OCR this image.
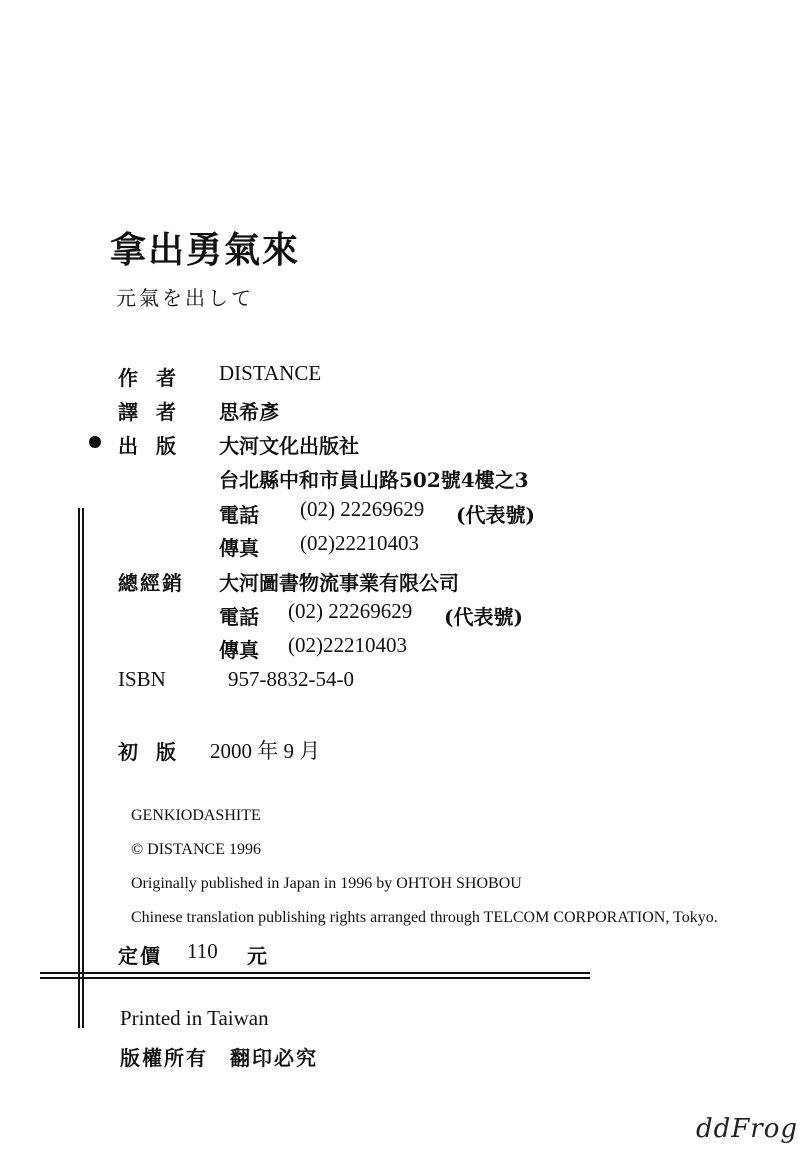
拿出勇氣來
元氣を出して
作者 DISTANCE
譯者 思希彥
出版 大河文化出版社
台北縣中和市員山路502號4樓之3
電話 (02) 22269629 (代表號)
傳真 (02)22210403
總經銷 大河圖書物流事業有限公司
電話 (02) 22269629 (代表號)
傳真 (02)22210403
ISBN	957-8832-54-0
初版 2000 年 9 月
GENKIODASHITE
© DISTANCE 1996
Originally published in Japan in 1996 by OHTOH SHOBOU
Chinese translation publishing rights arranged through TELCOM CORPORATION, Tokyo.
定價 110 元
Printed in Taiwan
版權所有　翻印必究
ddFrog
